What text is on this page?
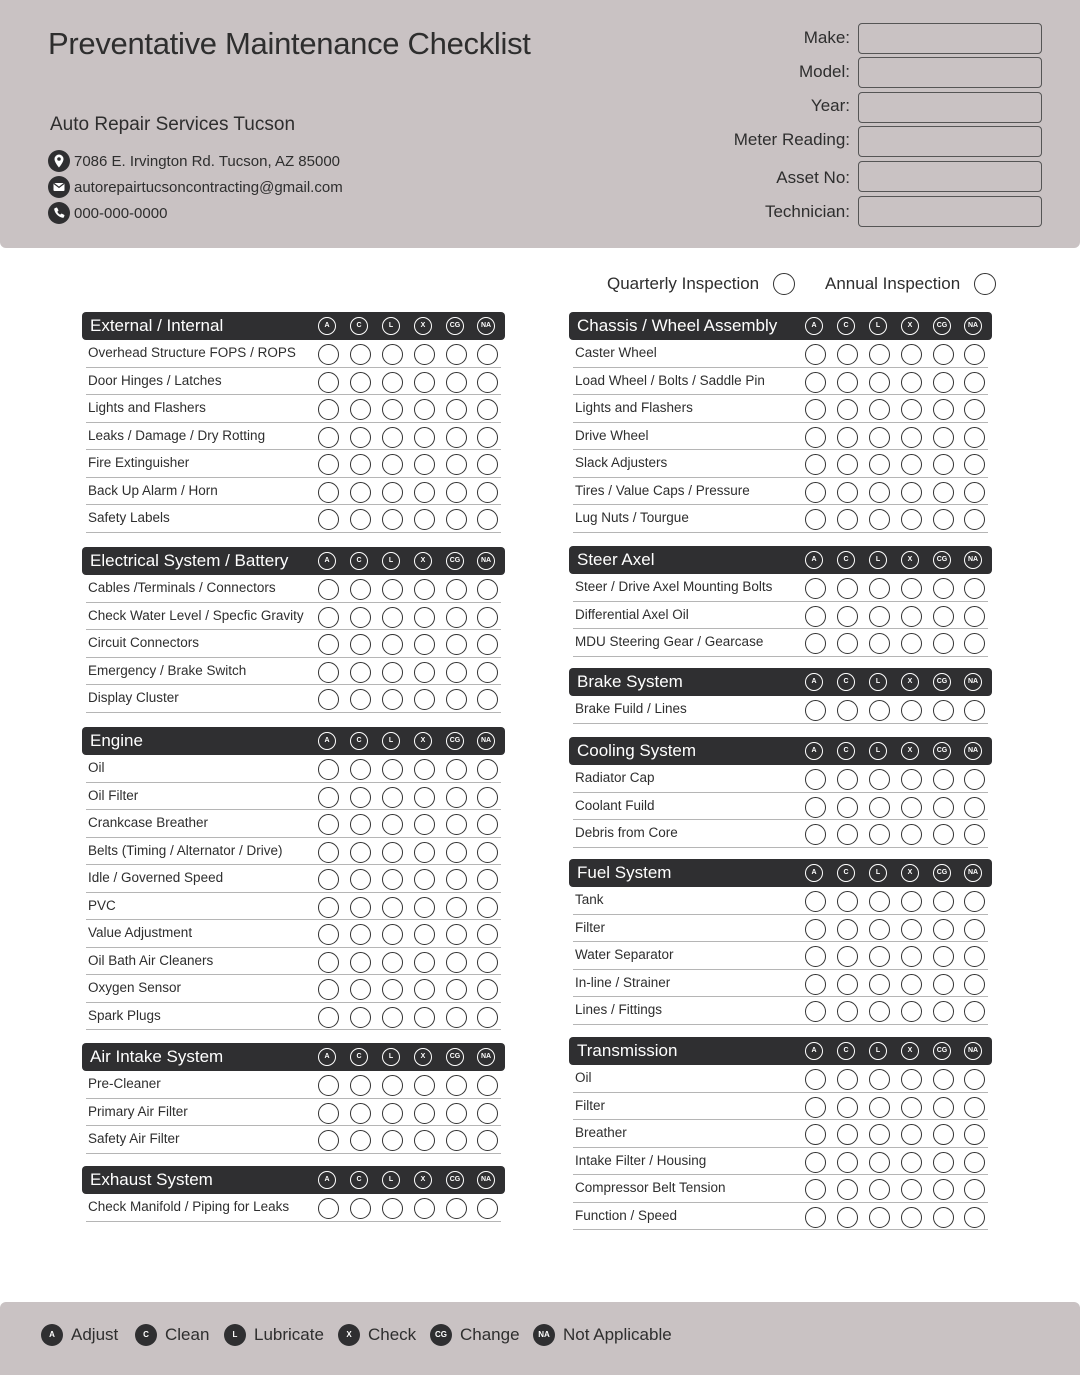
Preventative Maintenance Checklist
Auto Repair Services Tucson
7086 E. Irvington Rd. Tucson, AZ 85000
autorepairtucsoncontracting@gmail.com
000-000-0000
Make:
Model:
Year:
Meter Reading:
Asset No:
Technician:
Quarterly Inspection	Annual Inspection
External / Internal	A	C	L	X	CG	NA
Overhead Structure FOPS / ROPS
Door Hinges / Latches
Lights and Flashers
Leaks / Damage / Dry Rotting
Fire Extinguisher
Back Up Alarm / Horn
Safety Labels
Electrical System / Battery	A	C	L	X	CG	NA
Cables /Terminals / Connectors
Check Water Level / Specfic Gravity
Circuit Connectors
Emergency / Brake Switch
Display Cluster
Engine	A	C	L	X	CG	NA
Oil
Oil Filter
Crankcase Breather
Belts (Timing / Alternator / Drive)
Idle / Governed Speed
PVC
Value Adjustment
Oil Bath Air Cleaners
Oxygen Sensor
Spark Plugs
Air Intake System	A	C	L	X	CG	NA
Pre-Cleaner
Primary Air Filter
Safety Air Filter
Exhaust System	A	C	L	X	CG	NA
Check Manifold / Piping for Leaks
Chassis / Wheel Assembly	A	C	L	X	CG	NA
Caster Wheel
Load Wheel / Bolts / Saddle Pin
Lights and Flashers
Drive Wheel
Slack Adjusters
Tires / Value Caps / Pressure
Lug Nuts / Tourgue
Steer Axel	A	C	L	X	CG	NA
Steer / Drive Axel Mounting Bolts
Differential Axel Oil
MDU Steering Gear / Gearcase
Brake System	A	C	L	X	CG	NA
Brake Fuild / Lines
Cooling System	A	C	L	X	CG	NA
Radiator Cap
Coolant Fuild
Debris from Core
Fuel System	A	C	L	X	CG	NA
Tank
Filter
Water Separator
In-line / Strainer
Lines / Fittings
Transmission	A	C	L	X	CG	NA
Oil
Filter
Breather
Intake Filter / Housing
Compressor Belt Tension
Function / Speed
A Adjust	C Clean	L Lubricate	X Check	CG Change	NA Not Applicable
